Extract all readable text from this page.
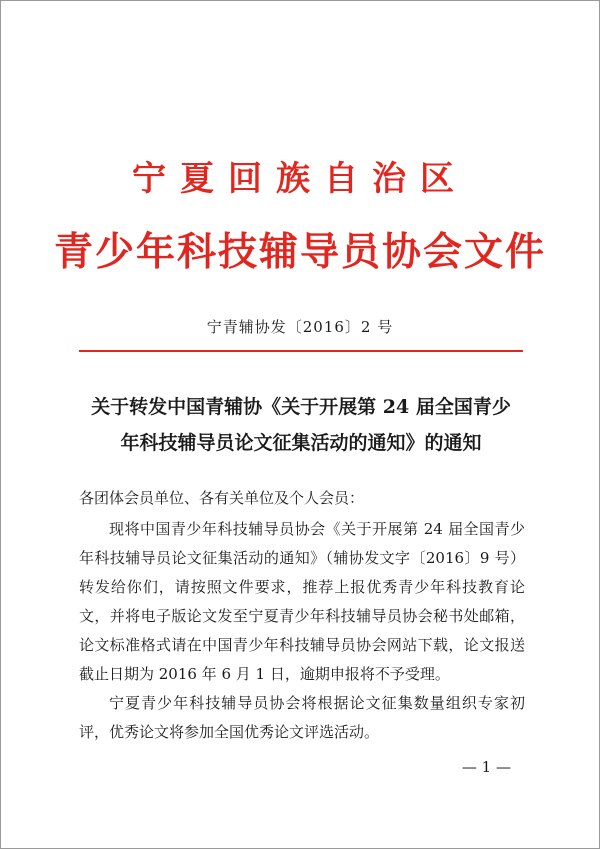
宁夏回族自治区
青少年科技辅导员协会文件
宁青辅协发〔2016〕2 号
关于转发中国青辅协《关于开展第 24 届全国青少
年科技辅导员论文征集活动的通知》的通知
各团体会员单位、各有关单位及个人会员：

现将中国青少年科技辅导员协会《关于开展第 24 届全国青少年科技辅导员论文征集活动的通知》（辅协发文字〔2016〕9 号）转发给你们，请按照文件要求，推荐上报优秀青少年科技教育论文，并将电子版论文发至宁夏青少年科技辅导员协会秘书处邮箱，论文标准格式请在中国青少年科技辅导员协会网站下载，论文报送截止日期为 2016 年 6 月 1 日，逾期申报将不予受理。

宁夏青少年科技辅导员协会将根据论文征集数量组织专家初评，优秀论文将参加全国优秀论文评选活动。

— 1 —
